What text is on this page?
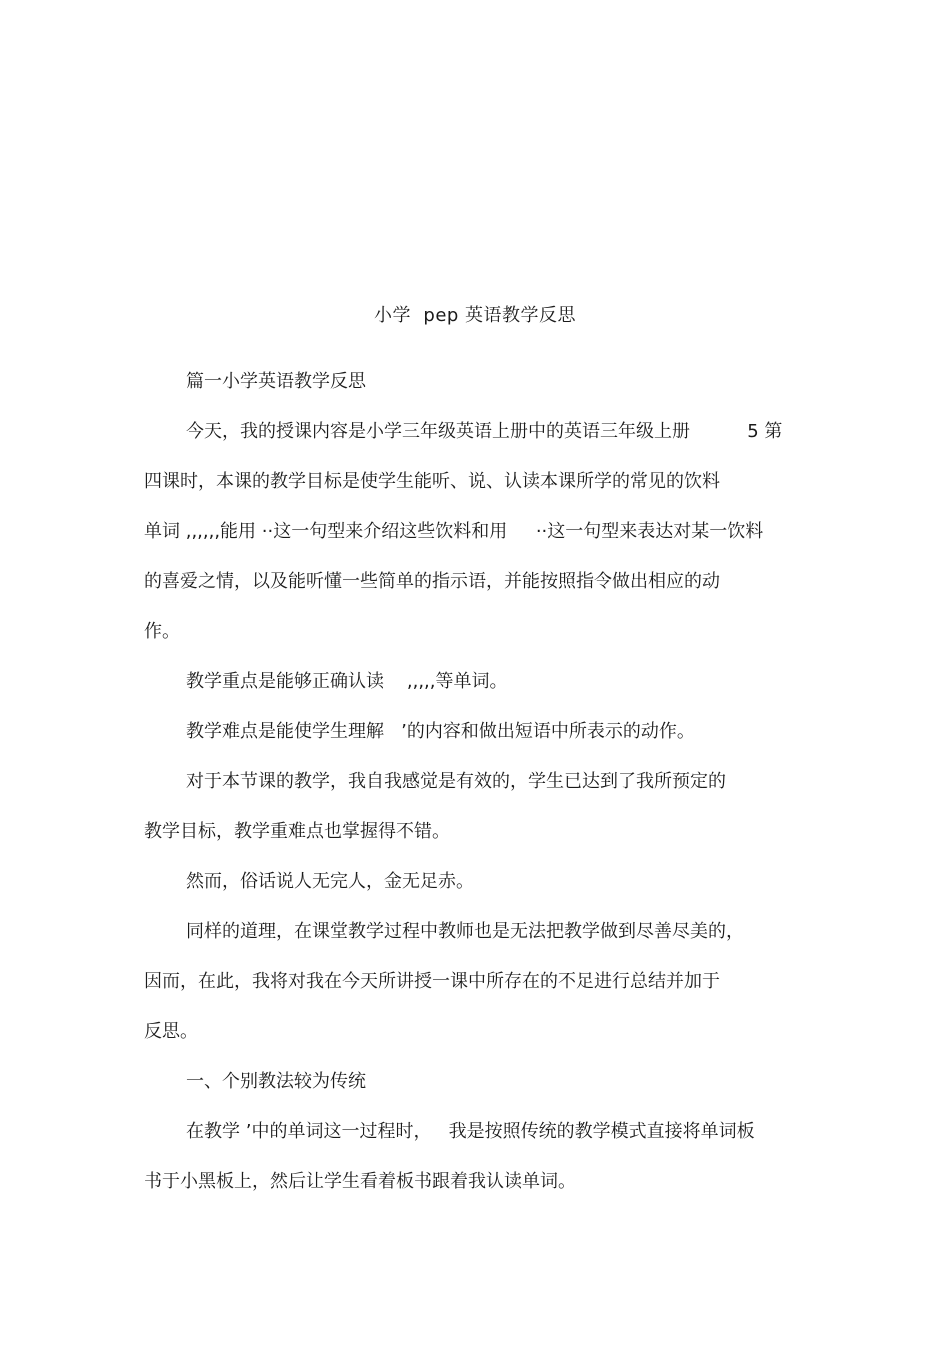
小学  pep 英语教学反思
篇一小学英语教学反思
今天，我的授课内容是小学三年级英语上册中的英语三年级上册          5 第
四课时，本课的教学目标是使学生能听、说、认读本课所学的常见的饮料
单词 ,,,,,,能用 ··这一句型来介绍这些饮料和用     ··这一句型来表达对某一饮料
的喜爱之情，以及能听懂一些简单的指示语，并能按照指令做出相应的动
作。
教学重点是能够正确认读    ,,,,,等单词。
教学难点是能使学生理解   ’的内容和做出短语中所表示的动作。
对于本节课的教学，我自我感觉是有效的，学生已达到了我所预定的
教学目标，教学重难点也掌握得不错。
然而，俗话说人无完人，金无足赤。
同样的道理，在课堂教学过程中教师也是无法把教学做到尽善尽美的，
因而，在此，我将对我在今天所讲授一课中所存在的不足进行总结并加于
反思。
一、个别教法较为传统
在教学 ’中的单词这一过程时，   我是按照传统的教学模式直接将单词板
书于小黑板上，然后让学生看着板书跟着我认读单词。
